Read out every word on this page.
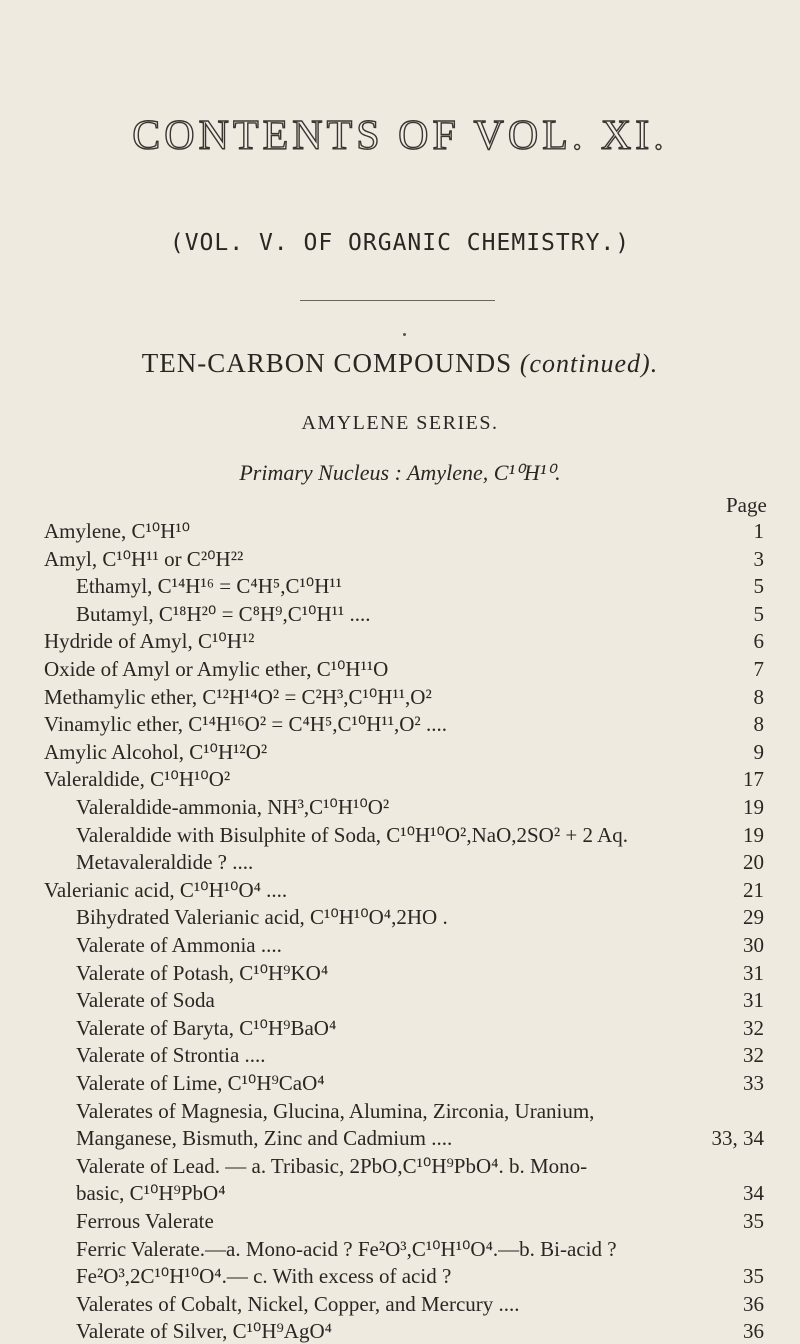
CONTENTS OF VOL. XI.
(VOL. V. OF ORGANIC CHEMISTRY.)
TEN-CARBON COMPOUNDS (continued).
AMYLENE SERIES.
Primary Nucleus : Amylene, C¹⁰H¹⁰.
Page
Amylene, C¹⁰H¹⁰	1
Amyl, C¹⁰H¹¹ or C²⁰H²²	3
Ethamyl, C¹⁴H¹⁶ = C⁴H⁵,C¹⁰H¹¹	5
Butamyl, C¹⁸H²⁰ = C⁸H⁹,C¹⁰H¹¹ ....	5
Hydride of Amyl, C¹⁰H¹²	6
Oxide of Amyl or Amylic ether, C¹⁰H¹¹O	7
Methamylic ether, C¹²H¹⁴O² = C²H³,C¹⁰H¹¹,O²	8
Vinamylic ether, C¹⁴H¹⁶O² = C⁴H⁵,C¹⁰H¹¹,O² ....	8
Amylic Alcohol, C¹⁰H¹²O²	9
Valeraldide, C¹⁰H¹⁰O²	17
Valeraldide-ammonia, NH³,C¹⁰H¹⁰O²	19
Valeraldide with Bisulphite of Soda, C¹⁰H¹⁰O²,NaO,2SO² + 2 Aq.	19
Metavaleraldide ? ....	20
Valerianic acid, C¹⁰H¹⁰O⁴ ....	21
Bihydrated Valerianic acid, C¹⁰H¹⁰O⁴,2HO .	29
Valerate of Ammonia ....	30
Valerate of Potash, C¹⁰H⁹KO⁴	31
Valerate of Soda	31
Valerate of Baryta, C¹⁰H⁹BaO⁴	32
Valerate of Strontia ....	32
Valerate of Lime, C¹⁰H⁹CaO⁴	33
Valerates of Magnesia, Glucina, Alumina, Zirconia, Uranium,
Manganese, Bismuth, Zinc and Cadmium ....	33, 34
Valerate of Lead. — a. Tribasic, 2PbO,C¹⁰H⁹PbO⁴. b. Mono-
basic, C¹⁰H⁹PbO⁴	34
Ferrous Valerate	35
Ferric Valerate.—a. Mono-acid ? Fe²O³,C¹⁰H¹⁰O⁴.—b. Bi-acid ?
Fe²O³,2C¹⁰H¹⁰O⁴.— c. With excess of acid ?	35
Valerates of Cobalt, Nickel, Copper, and Mercury ....	36
Valerate of Silver, C¹⁰H⁹AgO⁴	36
